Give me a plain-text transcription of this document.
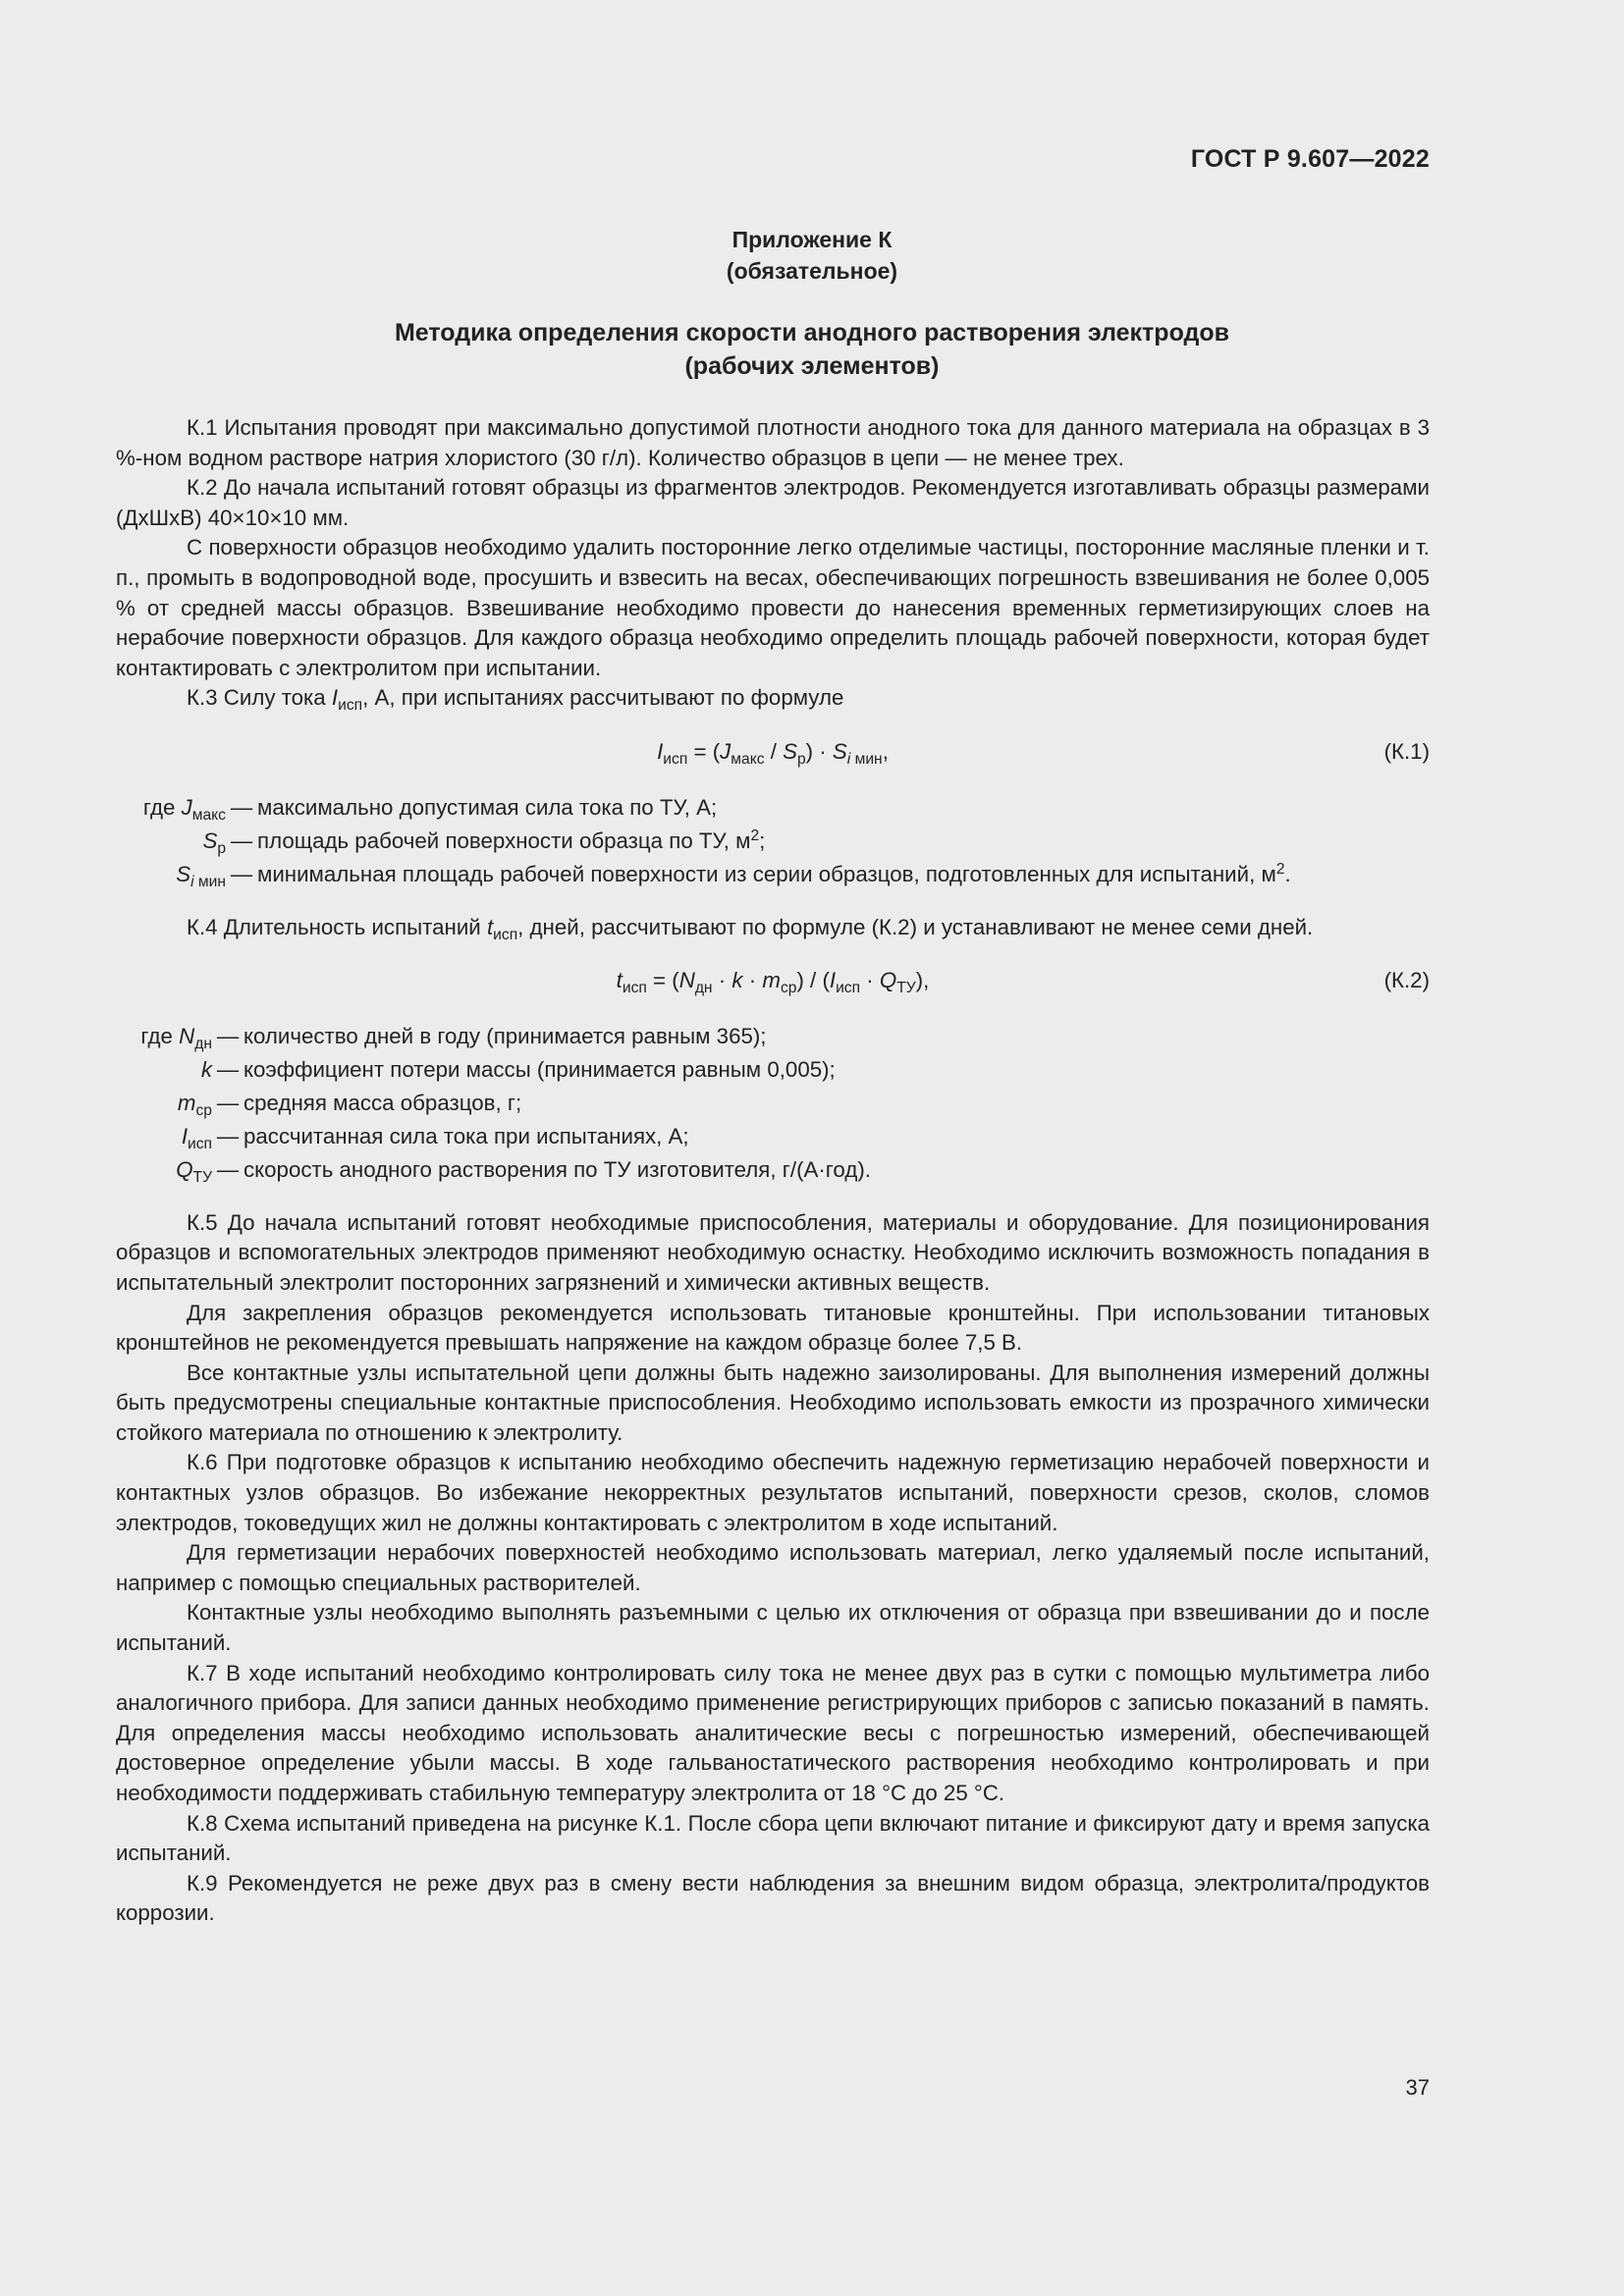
ГОСТ Р 9.607—2022
Приложение К
(обязательное)
Методика определения скорости анодного растворения электродов
(рабочих элементов)

К.1 Испытания проводят при максимально допустимой плотности анодного тока для данного материала на образцах в 3 %-ном водном растворе натрия хлористого (30 г/л). Количество образцов в цепи — не менее трех.

К.2 До начала испытаний готовят образцы из фрагментов электродов. Рекомендуется изготавливать образцы размерами (ДхШхВ) 40×10×10 мм.

С поверхности образцов необходимо удалить посторонние легко отделимые частицы, посторонние масляные пленки и т. п., промыть в водопроводной воде, просушить и взвесить на весах, обеспечивающих погрешность взвешивания не более 0,005 % от средней массы образцов. Взвешивание необходимо провести до нанесения временных герметизирующих слоев на нерабочие поверхности образцов. Для каждого образца необходимо определить площадь рабочей поверхности, которая будет контактировать с электролитом при испытании.

К.3 Силу тока $I_{исп}$, А, при испытаниях рассчитывают по формуле

$I_{исп} = (J_{макс} / S_р) \cdot S_{i мин}$,	(К.1)
где $J_{макс}$ — максимально допустимая сила тока по ТУ, А;
$S_р$ — площадь рабочей поверхности образца по ТУ, $м^2$;
$S_{i мин}$ — минимальная площадь рабочей поверхности из серии образцов, подготовленных для испытаний, $м^2$.

К.4 Длительность испытаний $t_{исп}$, дней, рассчитывают по формуле (К.2) и устанавливают не менее семи дней.

$t_{исп} = (N_{дн} \cdot k \cdot m_{ср}) / (I_{исп} \cdot Q_{ТУ})$,	(К.2)
где $N_{дн}$ — количество дней в году (принимается равным 365);
k — коэффициент потери массы (принимается равным 0,005);
$m_{ср}$ — средняя масса образцов, г;
$I_{исп}$ — рассчитанная сила тока при испытаниях, А;
$Q_{ТУ}$ — скорость анодного растворения по ТУ изготовителя, г/(А·год).

К.5 До начала испытаний готовят необходимые приспособления, материалы и оборудование. Для позиционирования образцов и вспомогательных электродов применяют необходимую оснастку. Необходимо исключить возможность попадания в испытательный электролит посторонних загрязнений и химически активных веществ.

Для закрепления образцов рекомендуется использовать титановые кронштейны. При использовании титановых кронштейнов не рекомендуется превышать напряжение на каждом образце более 7,5 В.

Все контактные узлы испытательной цепи должны быть надежно заизолированы. Для выполнения измерений должны быть предусмотрены специальные контактные приспособления. Необходимо использовать емкости из прозрачного химически стойкого материала по отношению к электролиту.

К.6 При подготовке образцов к испытанию необходимо обеспечить надежную герметизацию нерабочей поверхности и контактных узлов образцов. Во избежание некорректных результатов испытаний, поверхности срезов, сколов, сломов электродов, токоведущих жил не должны контактировать с электролитом в ходе испытаний.

Для герметизации нерабочих поверхностей необходимо использовать материал, легко удаляемый после испытаний, например с помощью специальных растворителей.

Контактные узлы необходимо выполнять разъемными с целью их отключения от образца при взвешивании до и после испытаний.

К.7 В ходе испытаний необходимо контролировать силу тока не менее двух раз в сутки с помощью мультиметра либо аналогичного прибора. Для записи данных необходимо применение регистрирующих приборов с записью показаний в память. Для определения массы необходимо использовать аналитические весы с погрешностью измерений, обеспечивающей достоверное определение убыли массы. В ходе гальваностатического растворения необходимо контролировать и при необходимости поддерживать стабильную температуру электролита от 18 °С до 25 °С.

К.8 Схема испытаний приведена на рисунке К.1. После сбора цепи включают питание и фиксируют дату и время запуска испытаний.

К.9 Рекомендуется не реже двух раз в смену вести наблюдения за внешним видом образца, электролита/продуктов коррозии.

37
